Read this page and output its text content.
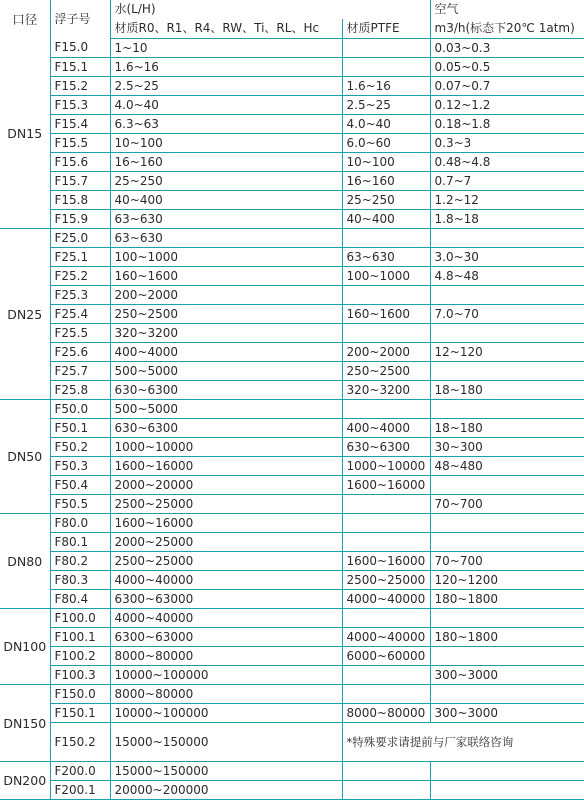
口径	浮子号	水(L/H)		空气
		材质R0、R1、R4、RW、Ti、RL、Hc	材质PTFE	m3/h(标态下20℃ 1atm)
DN15	F15.0	1~10		0.03~0.3
	F15.1	1.6~16		0.05~0.5
	F15.2	2.5~25	1.6~16	0.07~0.7
	F15.3	4.0~40	2.5~25	0.12~1.2
	F15.4	6.3~63	4.0~40	0.18~1.8
	F15.5	10~100	6.0~60	0.3~3
	F15.6	16~160	10~100	0.48~4.8
	F15.7	25~250	16~160	0.7~7
	F15.8	40~400	25~250	1.2~12
	F15.9	63~630	40~400	1.8~18
DN25	F25.0	63~630		
	F25.1	100~1000	63~630	3.0~30
	F25.2	160~1600	100~1000	4.8~48
	F25.3	200~2000		
	F25.4	250~2500	160~1600	7.0~70
	F25.5	320~3200		
	F25.6	400~4000	200~2000	12~120
	F25.7	500~5000	250~2500	
	F25.8	630~6300	320~3200	18~180
DN50	F50.0	500~5000		
	F50.1	630~6300	400~4000	18~180
	F50.2	1000~10000	630~6300	30~300
	F50.3	1600~16000	1000~10000	48~480
	F50.4	2000~20000	1600~16000	
	F50.5	2500~25000		70~700
DN80	F80.0	1600~16000		
	F80.1	2000~25000		
	F80.2	2500~25000	1600~16000	70~700
	F80.3	4000~40000	2500~25000	120~1200
	F80.4	6300~63000	4000~40000	180~1800
DN100	F100.0	4000~40000		
	F100.1	6300~63000	4000~40000	180~1800
	F100.2	8000~80000	6000~60000	
	F100.3	10000~100000		300~3000
DN150	F150.0	8000~80000		
	F150.1	10000~100000	8000~80000	300~3000
	F150.2	15000~150000	*特殊要求请提前与厂家联络咨询	
DN200	F200.0	15000~150000		
	F200.1	20000~200000		
